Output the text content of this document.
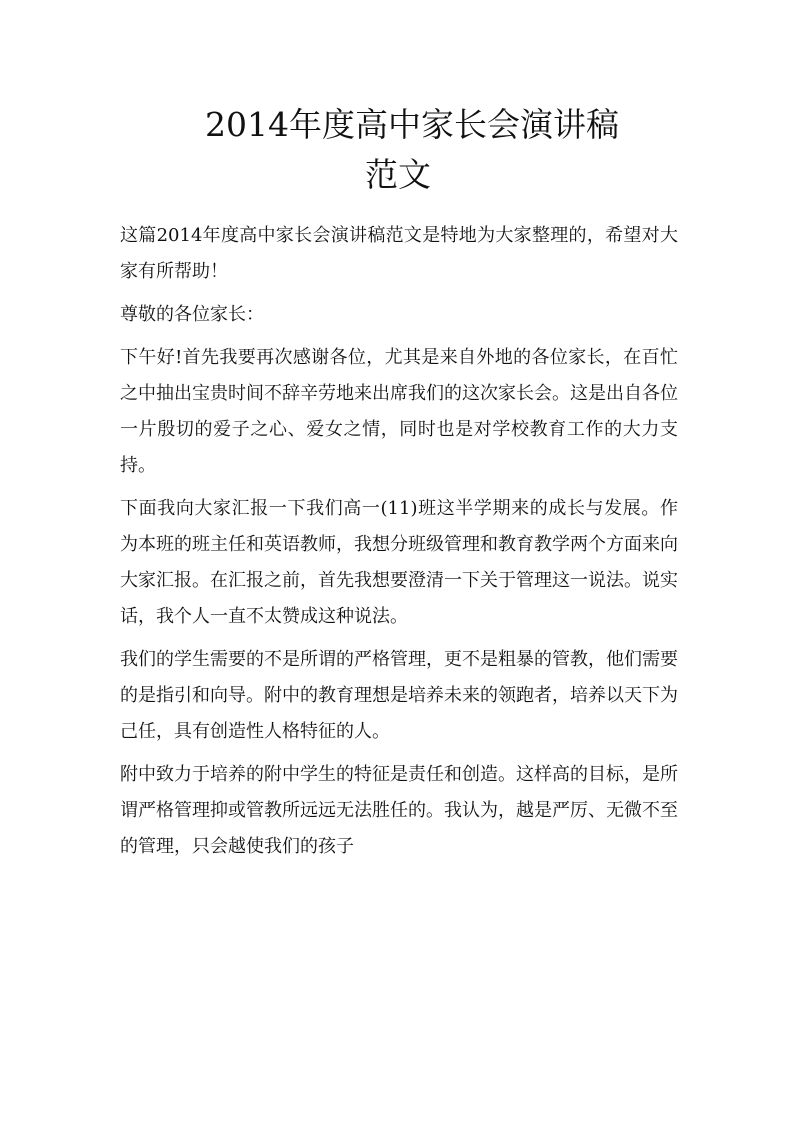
2014年度高中家长会演讲稿
范文

这篇2014年度高中家长会演讲稿范文是特地为大家整理的，希望对大家有所帮助！

尊敬的各位家长：

下午好!首先我要再次感谢各位，尤其是来自外地的各位家长，在百忙之中抽出宝贵时间不辞辛劳地来出席我们的这次家长会。这是出自各位一片殷切的爱子之心、爱女之情，同时也是对学校教育工作的大力支持。

下面我向大家汇报一下我们高一(11)班这半学期来的成长与发展。作为本班的班主任和英语教师，我想分班级管理和教育教学两个方面来向大家汇报。在汇报之前，首先我想要澄清一下关于管理这一说法。说实话，我个人一直不太赞成这种说法。

我们的学生需要的不是所谓的严格管理，更不是粗暴的管教，他们需要的是指引和向导。附中的教育理想是培养未来的领跑者，培养以天下为己任，具有创造性人格特征的人。

附中致力于培养的附中学生的特征是责任和创造。这样高的目标，是所谓严格管理抑或管教所远远无法胜任的。我认为，越是严厉、无微不至的管理，只会越使我们的孩子
